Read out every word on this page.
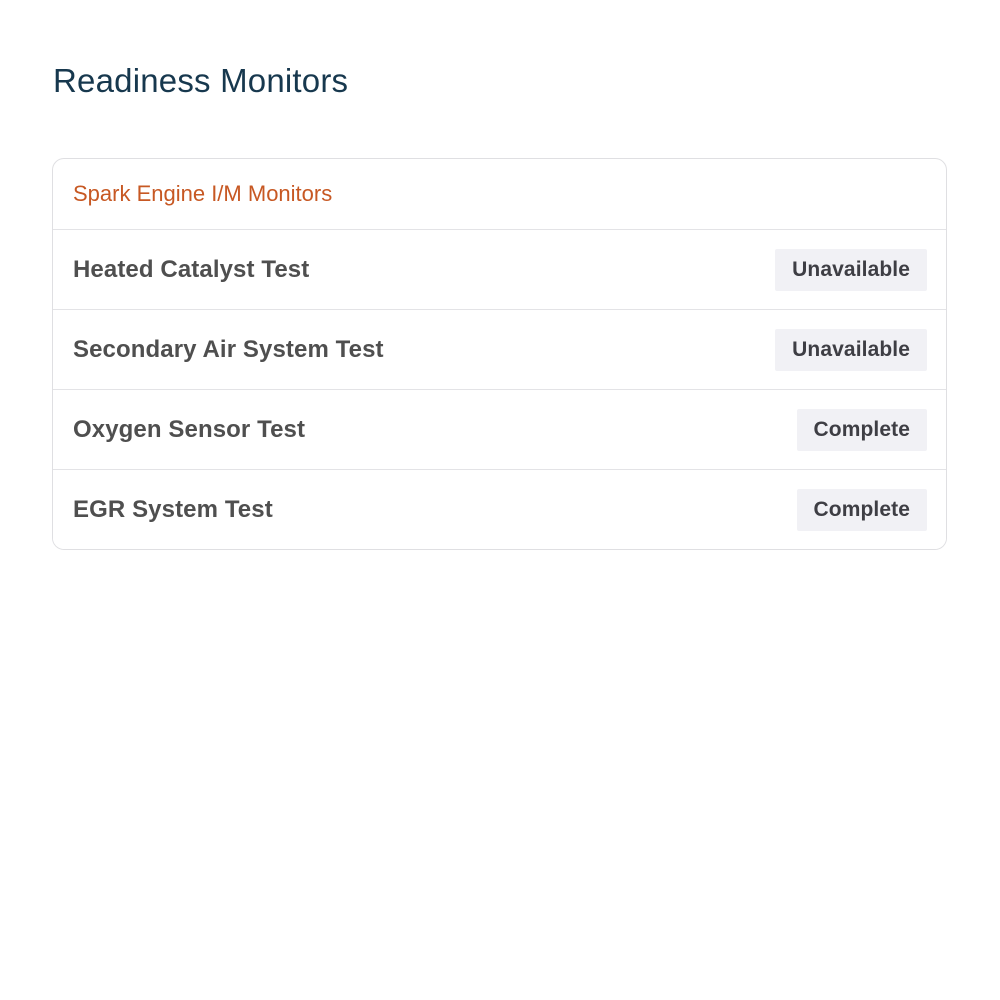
Readiness Monitors
Spark Engine I/M Monitors
Heated Catalyst Test	Unavailable
Secondary Air System Test	Unavailable
Oxygen Sensor Test	Complete
EGR System Test	Complete
